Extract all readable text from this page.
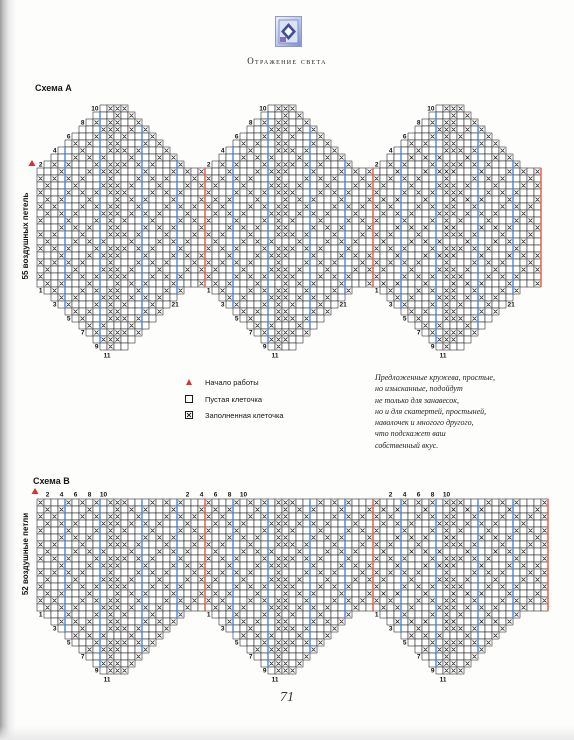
Отражение света
Схема А
55 воздушных петель
Начало работы
Пустая клеточка
Заполненная клеточка
Предложенные кружева, простые,
но изысканные, подойдут
не только для занавесок,
но и для скатертей, простыней,
наволочек и многого другого,
что подскажет ваш
собственный вкус.
Схема В
52 воздушные петли
10
8
6
4
2
1
3
5
7
9
11
21
10
8
6
4
2
1
3
5
7
9
11
21
10
8
6
4
2
1
3
5
7
9
11
21
2 4 6 8 10	2 4 6 8 10	2 4 6 8 10
1
3
5
7
9
11
1
3
5
7
9
11
1
3
5
7
9
11
71
